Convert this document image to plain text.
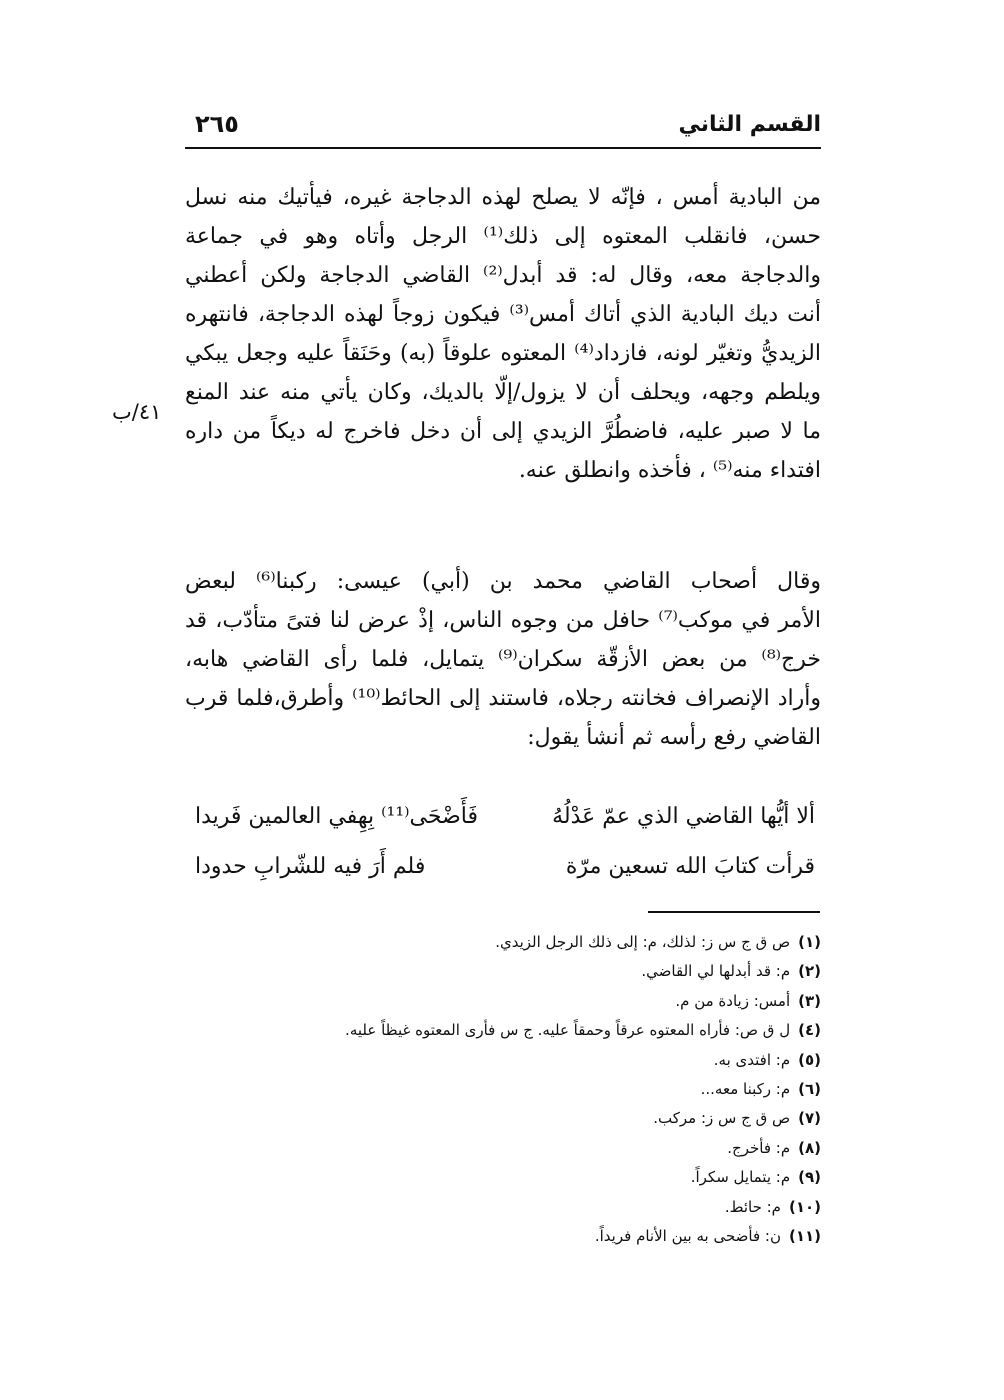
القسم الثاني
٢٦٥
من البادية أمس ، فإنّه لا يصلح لهذه الدجاجة غيره، فيأتيك منه نسل
حسن، فانقلب المعتوه إلى ذلك⁽¹⁾ الرجل وأتاه وهو في جماعة
والدجاجة معه، وقال له: قد أبدل⁽²⁾ القاضي الدجاجة ولكن أعطني
أنت ديك البادية الذي أتاك أمس⁽³⁾ فيكون زوجاً لهذه الدجاجة، فانتهره
الزيديُّ وتغيّر لونه، فازداد⁽⁴⁾ المعتوه علوقاً (به) وحَنَقاً عليه وجعل يبكي
ويلطم وجهه، ويحلف أن لا يزول/إلّا بالديك، وكان يأتي منه عند المنع
ما لا صبر عليه، فاضطُرَّ الزيدي إلى أن دخل فاخرج له ديكاً من داره
افتداء منه⁽⁵⁾ ، فأخذه وانطلق عنه.
٤١/ب
وقال أصحاب القاضي محمد بن (أبي) عيسى: ركبنا⁽⁶⁾ لبعض
الأمر في موكب⁽⁷⁾ حافل من وجوه الناس، إذْ عرض لنا فتىً متأدّب، قد
خرج⁽⁸⁾ من بعض الأزقّة سكران⁽⁹⁾ يتمايل، فلما رأى القاضي هابه،
وأراد الإنصراف فخانته رجلاه، فاستند إلى الحائط⁽¹⁰⁾ وأطرق،فلما قرب
القاضي رفع رأسه ثم أنشأ يقول:
ألا أيُّها القاضي الذي عمّ عَدْلُهُ
فَأَضْحَى⁽¹¹⁾ بِهِفي العالمين فَريدا
قرأت كتابَ الله تسعين مرّة
فلم أَرَ فيه للشّرابِ حدودا
(١)ص ق ج س ز: لذلك، م: إلى ذلك الرجل الزيدي.
(٢)م: قد أبدلها لي القاضي.
(٣)أمس: زيادة من م.
(٤)ل ق ص: فأراه المعتوه عرقاً وحمقاً عليه. ج س فأرى المعتوه غيظاً عليه.
(٥)م: افتدى به.
(٦)م: ركبنا معه...
(٧)ص ق ج س ز: مركب.
(٨)م: فأخرج.
(٩)م: يتمايل سكراً.
(١٠)م: حائط.
(١١)ن: فأضحى به بين الأنام فريداً.
